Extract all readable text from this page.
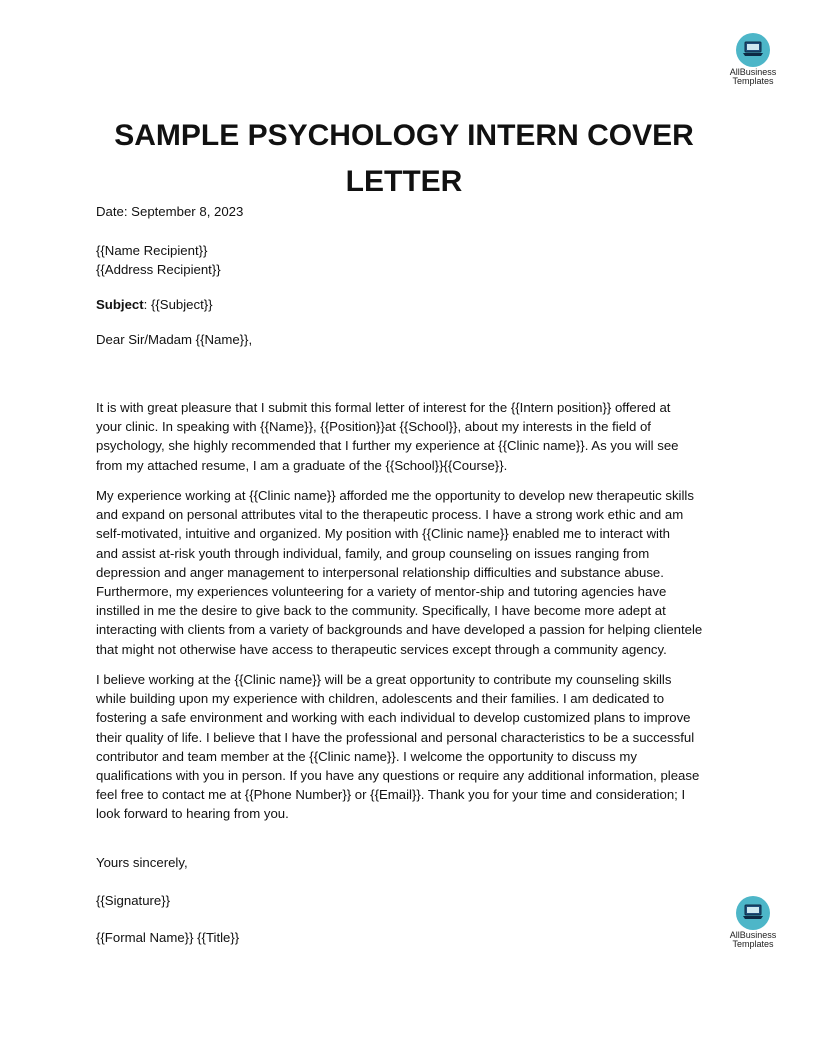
AllBusiness
Templates
SAMPLE PSYCHOLOGY INTERN COVER
LETTER
Date: September 8, 2023
{{Name Recipient}}
{{Address Recipient}}
Subject: {{Subject}}
Dear Sir/Madam {{Name}},
It is with great pleasure that I submit this formal letter of interest for the {{Intern position}} offered at
your clinic. In speaking with {{Name}}, {{Position}}at {{School}}, about my interests in the field of
psychology, she highly recommended that I further my experience at {{Clinic name}}. As you will see
from my attached resume, I am a graduate of the {{School}}{{Course}}.
My experience working at {{Clinic name}} afforded me the opportunity to develop new therapeutic skills
and expand on personal attributes vital to the therapeutic process. I have a strong work ethic and am
self-motivated, intuitive and organized. My position with {{Clinic name}} enabled me to interact with
and assist at-risk youth through individual, family, and group counseling on issues ranging from
depression and anger management to interpersonal relationship difficulties and substance abuse.
Furthermore, my experiences volunteering for a variety of mentor-ship and tutoring agencies have
instilled in me the desire to give back to the community. Specifically, I have become more adept at
interacting with clients from a variety of backgrounds and have developed a passion for helping clientele
that might not otherwise have access to therapeutic services except through a community agency.
I believe working at the {{Clinic name}} will be a great opportunity to contribute my counseling skills
while building upon my experience with children, adolescents and their families. I am dedicated to
fostering a safe environment and working with each individual to develop customized plans to improve
their quality of life. I believe that I have the professional and personal characteristics to be a successful
contributor and team member at the {{Clinic name}}. I welcome the opportunity to discuss my
qualifications with you in person. If you have any questions or require any additional information, please
feel free to contact me at {{Phone Number}} or {{Email}}. Thank you for your time and consideration; I
look forward to hearing from you.
Yours sincerely,
{{Signature}}
{{Formal Name}} {{Title}}	AllBusiness
Templates
